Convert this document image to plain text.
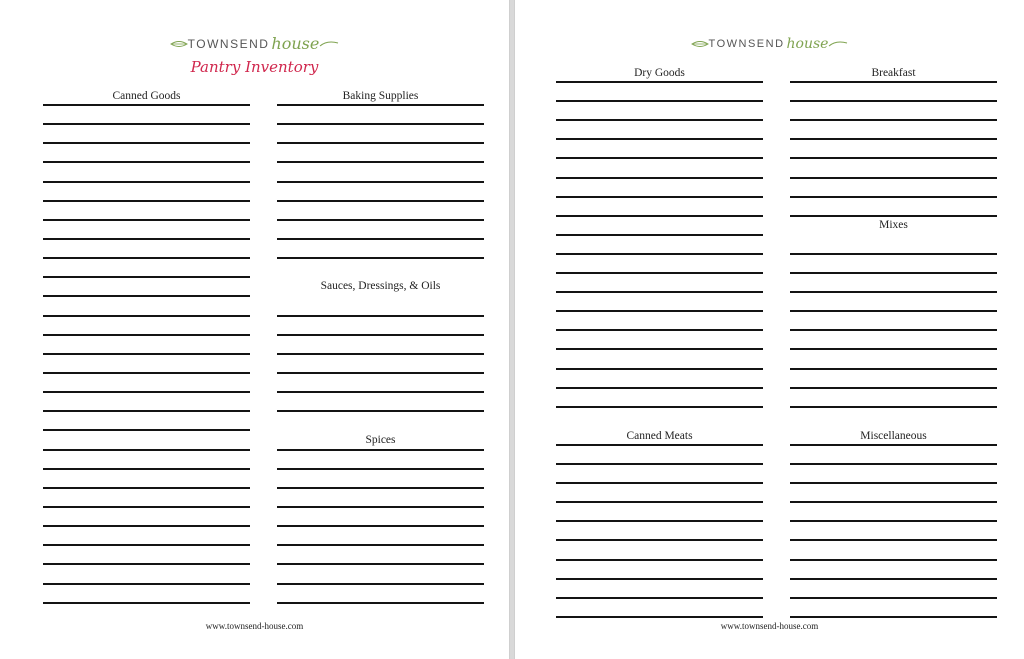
TOWNSEND house
Pantry Inventory
Canned Goods	Baking Supplies
Sauces, Dressings, & Oils
Spices
www.townsend-house.com
TOWNSEND house
Dry Goods
Canned Meats
Breakfast
Mixes
Miscellaneous
www.townsend-house.com
